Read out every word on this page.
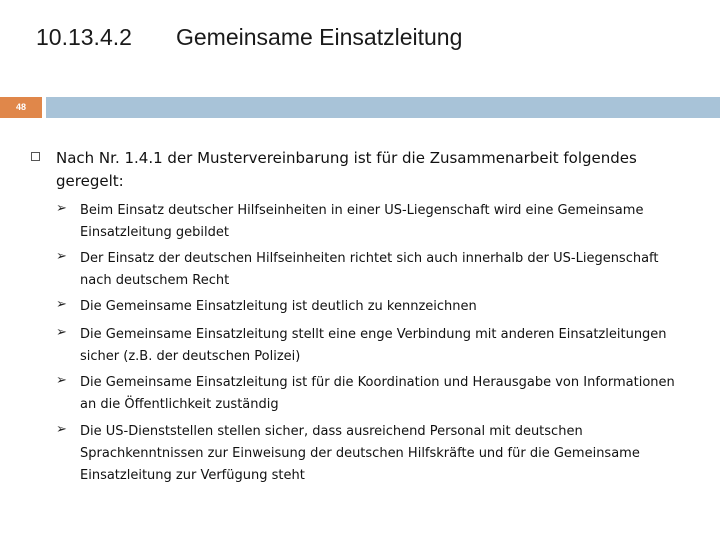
10.13.4.2 Gemeinsame Einsatzleitung
48
Nach Nr. 1.4.1 der Mustervereinbarung ist für die Zusammenarbeit folgendes geregelt:
➢ Beim Einsatz deutscher Hilfseinheiten in einer US-Liegenschaft wird eine Gemeinsame Einsatzleitung gebildet
➢ Der Einsatz der deutschen Hilfseinheiten richtet sich auch innerhalb der US-Liegenschaft nach deutschem Recht
➢ Die Gemeinsame Einsatzleitung ist deutlich zu kennzeichnen
➢ Die Gemeinsame Einsatzleitung stellt eine enge Verbindung mit anderen Einsatzleitungen sicher (z.B. der deutschen Polizei)
➢ Die Gemeinsame Einsatzleitung ist für die Koordination und Herausgabe von Informationen an die Öffentlichkeit zuständig
➢ Die US-Dienststellen stellen sicher, dass ausreichend Personal mit deutschen Sprachkenntnissen zur Einweisung der deutschen Hilfskräfte und für die Gemeinsame Einsatzleitung zur Verfügung steht
